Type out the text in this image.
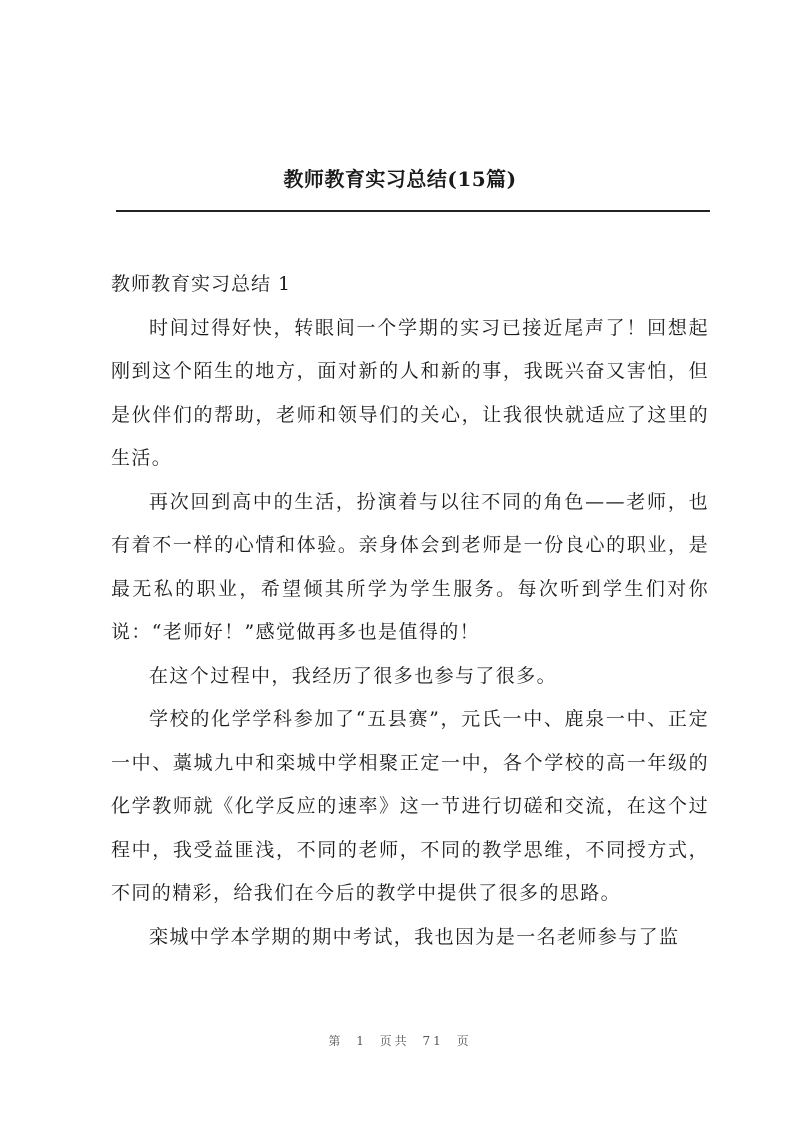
教师教育实习总结(15篇)
教师教育实习总结 1

时间过得好快，转眼间一个学期的实习已接近尾声了！回想起刚到这个陌生的地方，面对新的人和新的事，我既兴奋又害怕，但是伙伴们的帮助，老师和领导们的关心，让我很快就适应了这里的生活。

再次回到高中的生活，扮演着与以往不同的角色——老师，也有着不一样的心情和体验。亲身体会到老师是一份良心的职业，是最无私的职业，希望倾其所学为学生服务。每次听到学生们对你说：“老师好！”感觉做再多也是值得的！

在这个过程中，我经历了很多也参与了很多。

学校的化学学科参加了“五县赛”，元氏一中、鹿泉一中、正定一中、藁城九中和栾城中学相聚正定一中，各个学校的高一年级的化学教师就《化学反应的速率》这一节进行切磋和交流，在这个过程中，我受益匪浅，不同的老师，不同的教学思维，不同授方式，不同的精彩，给我们在今后的教学中提供了很多的思路。

栾城中学本学期的期中考试，我也因为是一名老师参与了监

第 1 页共 71 页
